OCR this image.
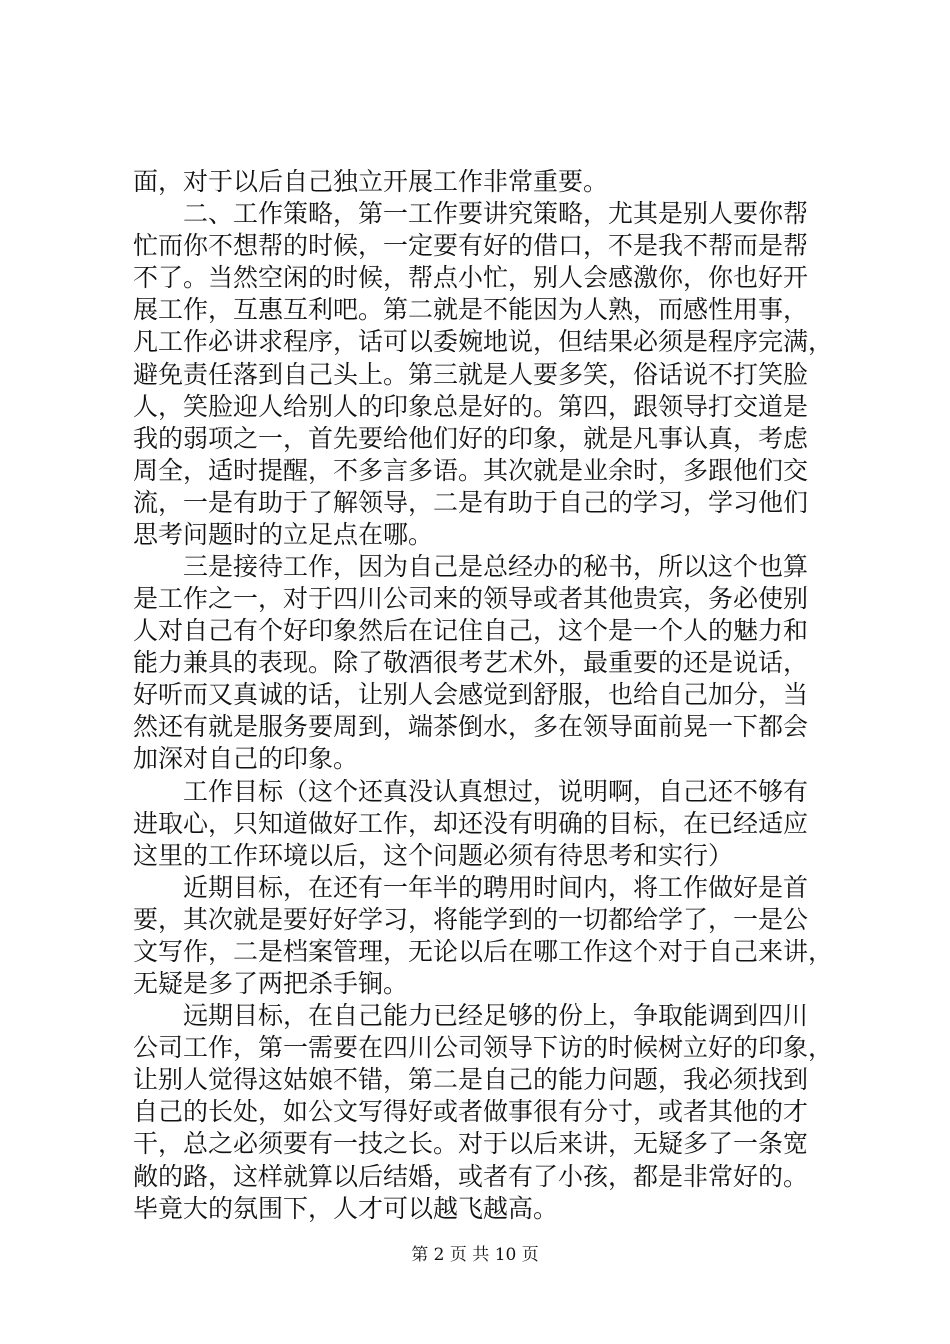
面，对于以后自己独立开展工作非常重要。
二、工作策略，第一工作要讲究策略，尤其是别人要你帮
忙而你不想帮的时候，一定要有好的借口，不是我不帮而是帮
不了。当然空闲的时候，帮点小忙，别人会感激你，你也好开
展工作，互惠互利吧。第二就是不能因为人熟，而感性用事，
凡工作必讲求程序，话可以委婉地说，但结果必须是程序完满，
避免责任落到自己头上。第三就是人要多笑，俗话说不打笑脸
人，笑脸迎人给别人的印象总是好的。第四，跟领导打交道是
我的弱项之一，首先要给他们好的印象，就是凡事认真，考虑
周全，适时提醒，不多言多语。其次就是业余时，多跟他们交
流，一是有助于了解领导，二是有助于自己的学习，学习他们
思考问题时的立足点在哪。
三是接待工作，因为自己是总经办的秘书，所以这个也算
是工作之一，对于四川公司来的领导或者其他贵宾，务必使别
人对自己有个好印象然后在记住自己，这个是一个人的魅力和
能力兼具的表现。除了敬酒很考艺术外，最重要的还是说话，
好听而又真诚的话，让别人会感觉到舒服，也给自己加分，当
然还有就是服务要周到，端茶倒水，多在领导面前晃一下都会
加深对自己的印象。
工作目标（这个还真没认真想过，说明啊，自己还不够有
进取心，只知道做好工作，却还没有明确的目标，在已经适应
这里的工作环境以后，这个问题必须有待思考和实行）
近期目标，在还有一年半的聘用时间内，将工作做好是首
要，其次就是要好好学习，将能学到的一切都给学了，一是公
文写作，二是档案管理，无论以后在哪工作这个对于自己来讲，
无疑是多了两把杀手锏。
远期目标，在自己能力已经足够的份上，争取能调到四川
公司工作，第一需要在四川公司领导下访的时候树立好的印象，
让别人觉得这姑娘不错，第二是自己的能力问题，我必须找到
自己的长处，如公文写得好或者做事很有分寸，或者其他的才
干，总之必须要有一技之长。对于以后来讲，无疑多了一条宽
敞的路，这样就算以后结婚，或者有了小孩，都是非常好的。
毕竟大的氛围下，人才可以越飞越高。
第 2 页 共 10 页
